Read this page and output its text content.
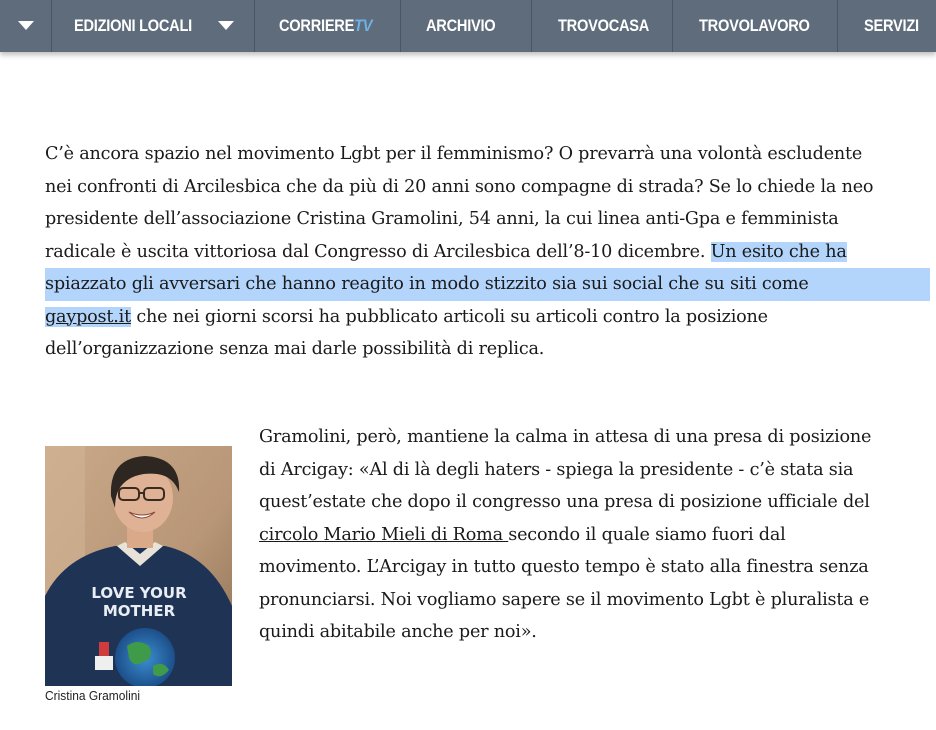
EDIZIONI LOCALI	CORRIERETV	ARCHIVIO	TROVOCASA	TROVOLAVORO	SERVIZI
C’è ancora spazio nel movimento Lgbt per il femminismo? O prevarrà una volontà escludente
nei confronti di Arcilesbica che da più di 20 anni sono compagne di strada? Se lo chiede la neo
presidente dell’associazione Cristina Gramolini, 54 anni, la cui linea anti-Gpa e femminista
radicale è uscita vittoriosa dal Congresso di Arcilesbica dell’8-10 dicembre. Un esito che ha
spiazzato gli avversari che hanno reagito in modo stizzito sia sui social che su siti come
gaypost.it che nei giorni scorsi ha pubblicato articoli su articoli contro la posizione
dell’organizzazione senza mai darle possibilità di replica.
LOVE YOUR
MOTHER
Cristina Gramolini
Gramolini, però, mantiene la calma in attesa di una presa di posizione
di Arcigay: «Al di là degli haters - spiega la presidente - c’è stata sia
quest’estate che dopo il congresso una presa di posizione ufficiale del
circolo Mario Mieli di Roma secondo il quale siamo fuori dal
movimento. L’Arcigay in tutto questo tempo è stato alla finestra senza
pronunciarsi. Noi vogliamo sapere se il movimento Lgbt è pluralista e
quindi abitabile anche per noi».
